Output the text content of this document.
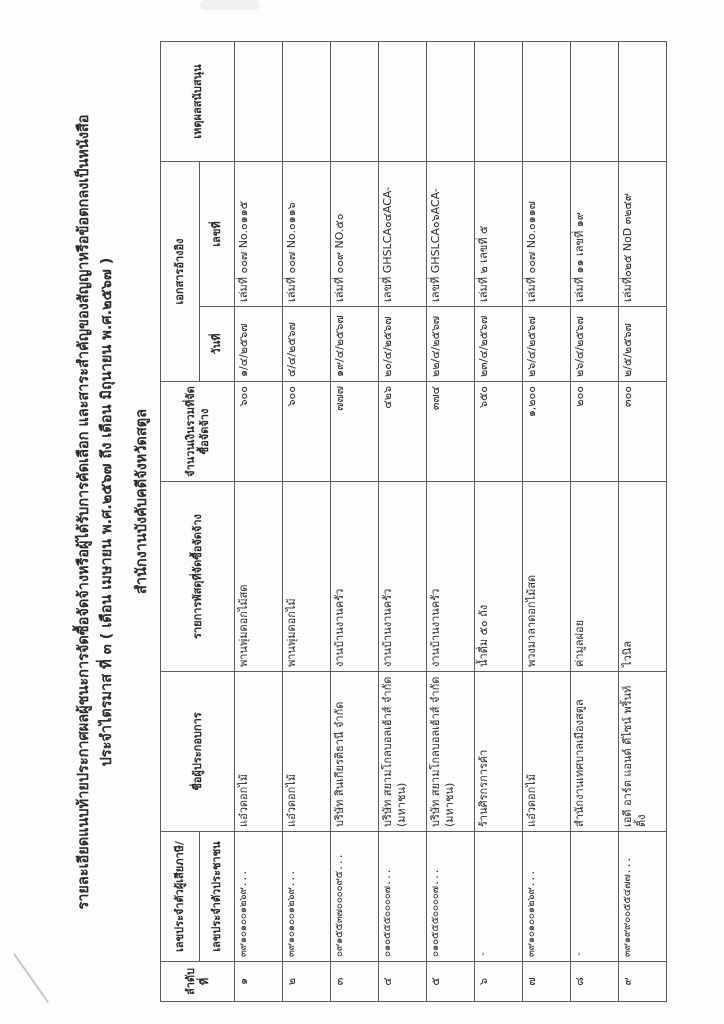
รายละเอียดแนบท้ายประกาศผลผู้ชนะการจัดซื้อจัดจ้างหรือผู้ได้รับการคัดเลือก และสาระสำคัญของสัญญาหรือข้อตกลงเป็นหนังสือ ประจำไตรมาส ที่ ๓ ( เดือน เมษายน พ.ศ.๒๕๖๗ ถึง เดือน มิถุนายน พ.ศ.๒๕๖๗ ) สำนักงานบังคับคดีจังหวัดสตูล
ลำดับที่	เลขประจำตัวผู้เสียภาษี/	ชื่อผู้ประกอบการ	รายการพัสดุที่จัดซื้อจัดจ้าง	จำนวนเงินรวมที่จัดซื้อจัดจ้าง	เอกสารอ้างอิง		เหตุผลสนับสนุน
	เลขประจำตัวประชาชน				วันที่	เลขที่	
๑	๓๙๑๐๑๐๐๑๒๖๙...	แอ๋วดอกไม้	พานพุ่มดอกไม้สด	๖๐๐	๑/๔/๒๕๖๗	เล่มที่ ๐๐๗ No.๐๑๑๕	
๒	๓๙๑๐๑๐๐๑๒๖๙...	แอ๋วดอกไม้	พานพุ่มดอกไม้	๖๐๐	๔/๔/๒๕๖๗	เล่มที่ ๐๐๗ No.๐๑๑๖	
๓	๐๙๑๕๕๓๗๐๐๐๐๙๕...	บริษัท สินเกียรติธานี จำกัด	งานบ้านงานครัว	๗๗๗	๑๙/๔/๒๕๖๗	เล่มที่ ๐๐๙ NO.๕๐	
๔	๐๑๐๕๕๕๐๐๐๐๗...	บริษัท สยามโกลบอลเฮ้าส์ จำกัด (มหาชน)	งานบ้านงานครัว	๔๒๖	๒๐/๔/๒๕๖๗	เลขที่ GHSLCA๐๔ACA-	
๕	๐๑๐๕๕๕๐๐๐๐๗...	บริษัท สยามโกลบอลเฮ้าส์ จำกัด (มหาชน)	งานบ้านงานครัว	๓๗๔	๒๒/๔/๒๕๖๗	เลขที่ GHSLCA๐๖ACA-	
๖	-	ร้านศิรกรการค้า	น้ำดื่ม ๕๐ ถัง	๖๕๐	๒๓/๔/๒๕๖๗	เล่มที่ ๒ เลขที่ ๕	
๗	๓๙๑๐๑๐๐๑๒๖๙...	แอ๋วดอกไม้	พวงมาลาดอกไม้สด	๑,๒๐๐	๒๖/๔/๒๕๖๗	เล่มที่ ๐๐๗ No.๐๑๑๗	
๘	-	สำนักงานเทศบาลเมืองสตูล	ค่ามูลฝอย	๒๐๐	๒๖/๔/๒๕๖๗	เล่มที่ ๑๑ เลขที่ ๑๙	
๙	๓๙๑๙๙๐๐๕๕๔๗๗...	เอดี อาร์ต แอนด์ ดีไซน์ พริ้นท์ติ้ง	ไวนิล	๓๐๐	๒/๕/๒๕๖๗	เล่มที่๐๒๕ NoD ๓๒๔๙	
